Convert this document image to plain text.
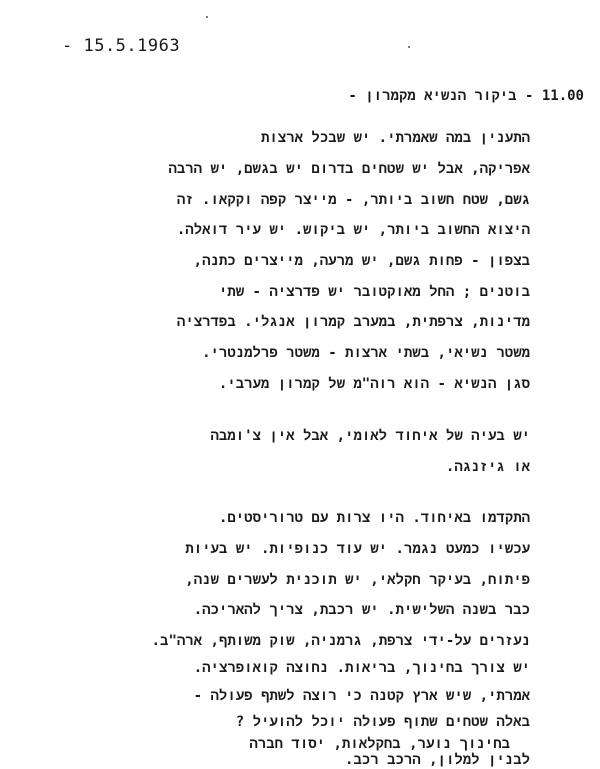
- 15.5.1963
11.00 - ביקור הנשיא מקמרון -
התענין במה שאמרתי. יש שבכל ארצות
אפריקה, אבל יש שטחים בדרום יש בגשם, יש הרבה
גשם, שטח חשוב ביותר, - מייצר קפה וקקאו. זה
היצוא החשוב ביותר, יש ביקוש. יש עיר דואלה.
בצפון - פחות גשם, יש מרעה, מייצרים כתנה,
בוטנים ; החל מאוקטובר יש פדרציה - שתי
מדינות, צרפתית, במערב קמרון אנגלי. בפדרציה
משטר נשיאי, בשתי ארצות - משטר פרלמנטרי.
סגן הנשיא - הוא רוה"מ של קמרון מערבי.
יש בעיה של איחוד לאומי, אבל אין צ'ומבה
או גיזנגה.
התקדמו באיחוד. היו צרות עם טרוריסטים.
עכשיו כמעט נגמר. יש עוד כנופיות. יש בעיות
פיתוח, בעיקר חקלאי, יש תוכנית לעשרים שנה,
כבר בשנה השלישית. יש רכבת, צריך להאריכה.
נעזרים על-ידי צרפת, גרמניה, שוק משותף, ארה"ב.
יש צורך בחינוך, בריאות. נחוצה קואופרציה.
אמרתי, שיש ארץ קטנה כי רוצה לשתף פעולה -
באלה שטחים שתוף פעולה יוכל להועיל ?
בחינוך נוער, בחקלאות, יסוד חברה
לבנין למלון, הרכב רכב.
